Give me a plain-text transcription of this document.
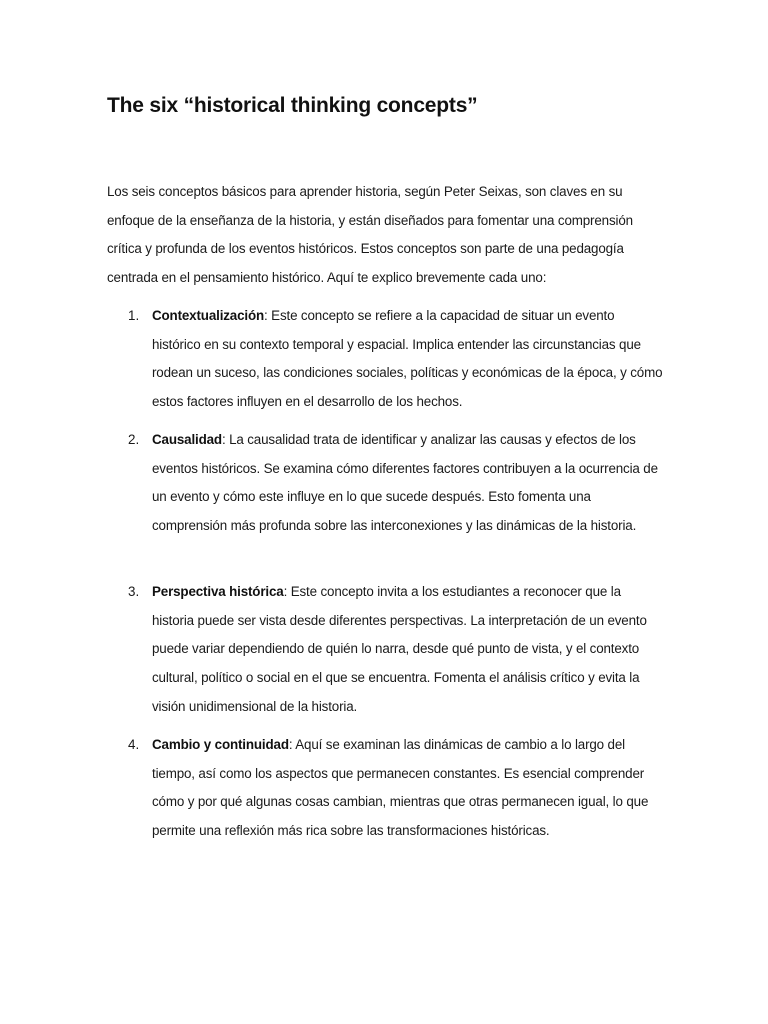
The six “historical thinking concepts”

Los seis conceptos básicos para aprender historia, según Peter Seixas, son claves en su enfoque de la enseñanza de la historia, y están diseñados para fomentar una comprensión crítica y profunda de los eventos históricos. Estos conceptos son parte de una pedagogía centrada en el pensamiento histórico. Aquí te explico brevemente cada uno:

1. Contextualización: Este concepto se refiere a la capacidad de situar un evento histórico en su contexto temporal y espacial. Implica entender las circunstancias que rodean un suceso, las condiciones sociales, políticas y económicas de la época, y cómo estos factores influyen en el desarrollo de los hechos.

2. Causalidad: La causalidad trata de identificar y analizar las causas y efectos de los eventos históricos. Se examina cómo diferentes factores contribuyen a la ocurrencia de un evento y cómo este influye en lo que sucede después. Esto fomenta una comprensión más profunda sobre las interconexiones y las dinámicas de la historia.

3. Perspectiva histórica: Este concepto invita a los estudiantes a reconocer que la historia puede ser vista desde diferentes perspectivas. La interpretación de un evento puede variar dependiendo de quién lo narra, desde qué punto de vista, y el contexto cultural, político o social en el que se encuentra. Fomenta el análisis crítico y evita la visión unidimensional de la historia.

4. Cambio y continuidad: Aquí se examinan las dinámicas de cambio a lo largo del tiempo, así como los aspectos que permanecen constantes. Es esencial comprender cómo y por qué algunas cosas cambian, mientras que otras permanecen igual, lo que permite una reflexión más rica sobre las transformaciones históricas.
